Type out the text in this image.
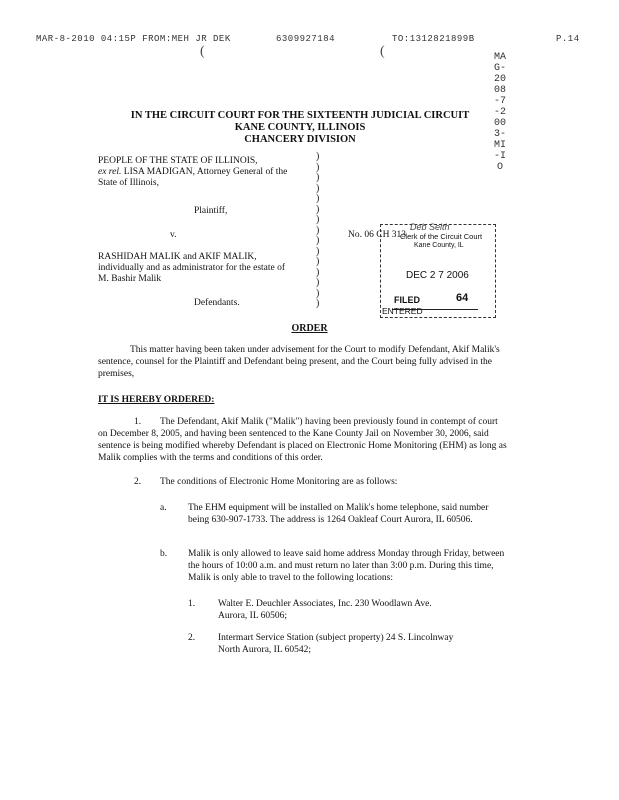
MAR-8-2010 04:15P FROM:MEH JR DEK	6309927184	TO:1312821899B	P.14
(	(	MAG-2008-7-2003-MI-IO
IN THE CIRCUIT COURT FOR THE SIXTEENTH JUDICIAL CIRCUIT
KANE COUNTY, ILLINOIS
CHANCERY DIVISION
PEOPLE OF THE STATE OF ILLINOIS,
ex rel. LISA MADIGAN, Attorney General of the
State of Illinois,
Plaintiff,
v.
RASHIDAH MALIK and AKIF MALIK,
individually and as administrator for the estate of
M. Bashir Malik
Defendants.
)
)
)
)
)
)
)
)
)
)
)
)
)
)
)
No. 06 CH 313
Deb Seith
Clerk of the Circuit Court
Kane County, IL
DEC 2 7 2006
FILED	64
ENTERED
ORDER
This matter having been taken under advisement for the Court to modify Defendant, Akif Malik's sentence, counsel for the Plaintiff and Defendant being present, and the Court being fully advised in the premises,
IT IS HEREBY ORDERED:
1.	The Defendant, Akif Malik ("Malik") having been previously found in contempt of court on December 8, 2005, and having been sentenced to the Kane County Jail on November 30, 2006, said sentence is being modified whereby Defendant is placed on Electronic Home Monitoring (EHM) as long as Malik complies with the terms and conditions of this order.
2. The conditions of Electronic Home Monitoring are as follows:
a. The EHM equipment will be installed on Malik's home telephone, said number being 630-907-1733. The address is 1264 Oakleaf Court Aurora, IL 60506.
b. Malik is only allowed to leave said home address Monday through Friday, between the hours of 10:00 a.m. and must return no later than 3:00 p.m. During this time, Malik is only able to travel to the following locations:
1. Walter E. Deuchler Associates, Inc. 230 Woodlawn Ave.
Aurora, IL 60506;
2. Intermart Service Station (subject property) 24 S. Lincolnway
North Aurora, IL 60542;
